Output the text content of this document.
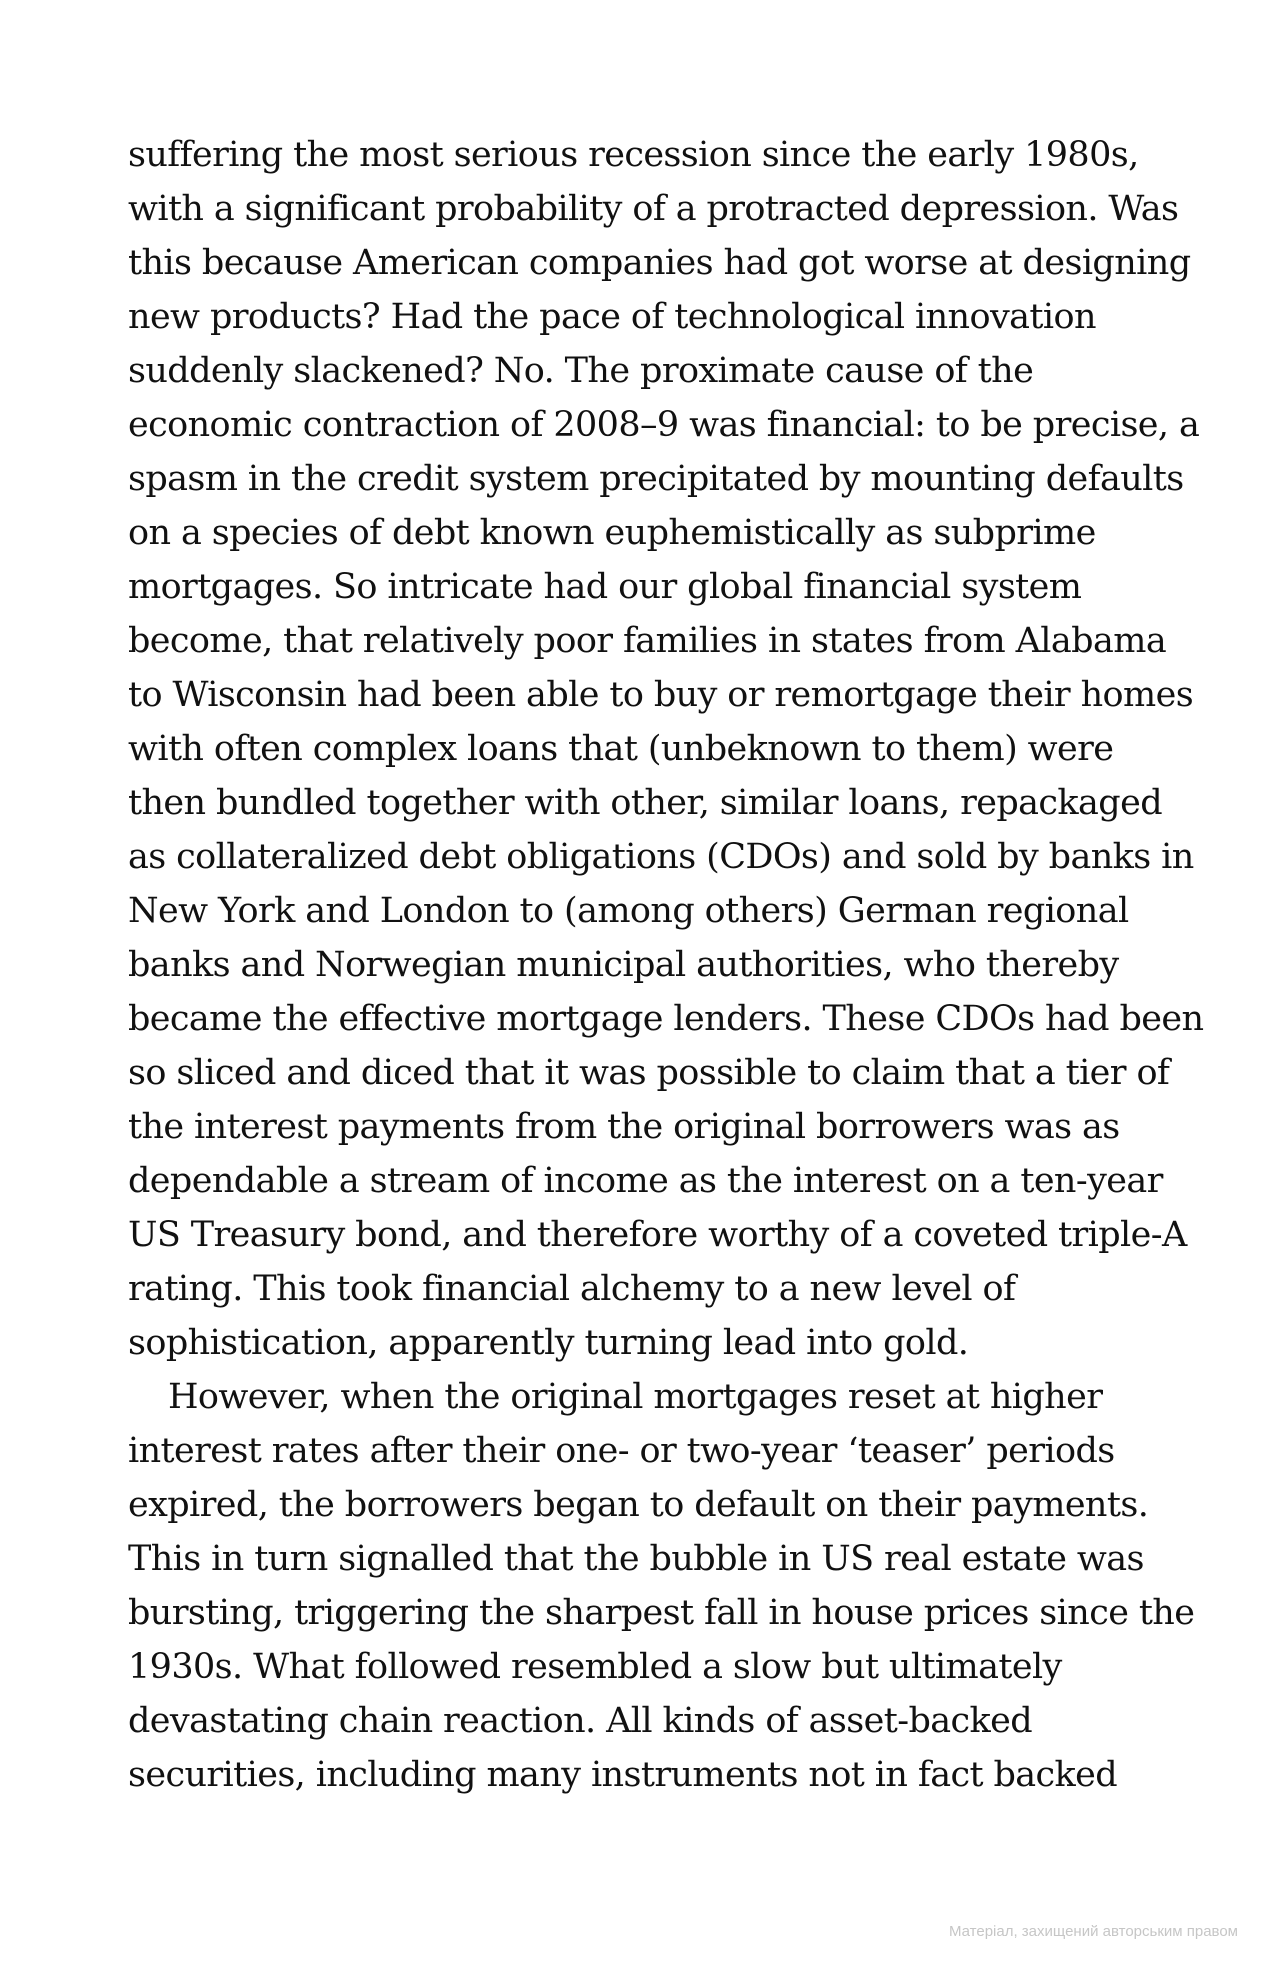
suffering the most serious recession since the early 1980s,
with a significant probability of a protracted depression. Was
this because American companies had got worse at designing
new products? Had the pace of technological innovation
suddenly slackened? No. The proximate cause of the
economic contraction of 2008–9 was financial: to be precise, a
spasm in the credit system precipitated by mounting defaults
on a species of debt known euphemistically as subprime
mortgages. So intricate had our global financial system
become, that relatively poor families in states from Alabama
to Wisconsin had been able to buy or remortgage their homes
with often complex loans that (unbeknown to them) were
then bundled together with other, similar loans, repackaged
as collateralized debt obligations (CDOs) and sold by banks in
New York and London to (among others) German regional
banks and Norwegian municipal authorities, who thereby
became the effective mortgage lenders. These CDOs had been
so sliced and diced that it was possible to claim that a tier of
the interest payments from the original borrowers was as
dependable a stream of income as the interest on a ten-year
US Treasury bond, and therefore worthy of a coveted triple-A
rating. This took financial alchemy to a new level of
sophistication, apparently turning lead into gold.
However, when the original mortgages reset at higher
interest rates after their one- or two-year ‘teaser’ periods
expired, the borrowers began to default on their payments.
This in turn signalled that the bubble in US real estate was
bursting, triggering the sharpest fall in house prices since the
1930s. What followed resembled a slow but ultimately
devastating chain reaction. All kinds of asset-backed
securities, including many instruments not in fact backed
Матеріал, захищений авторським правом
